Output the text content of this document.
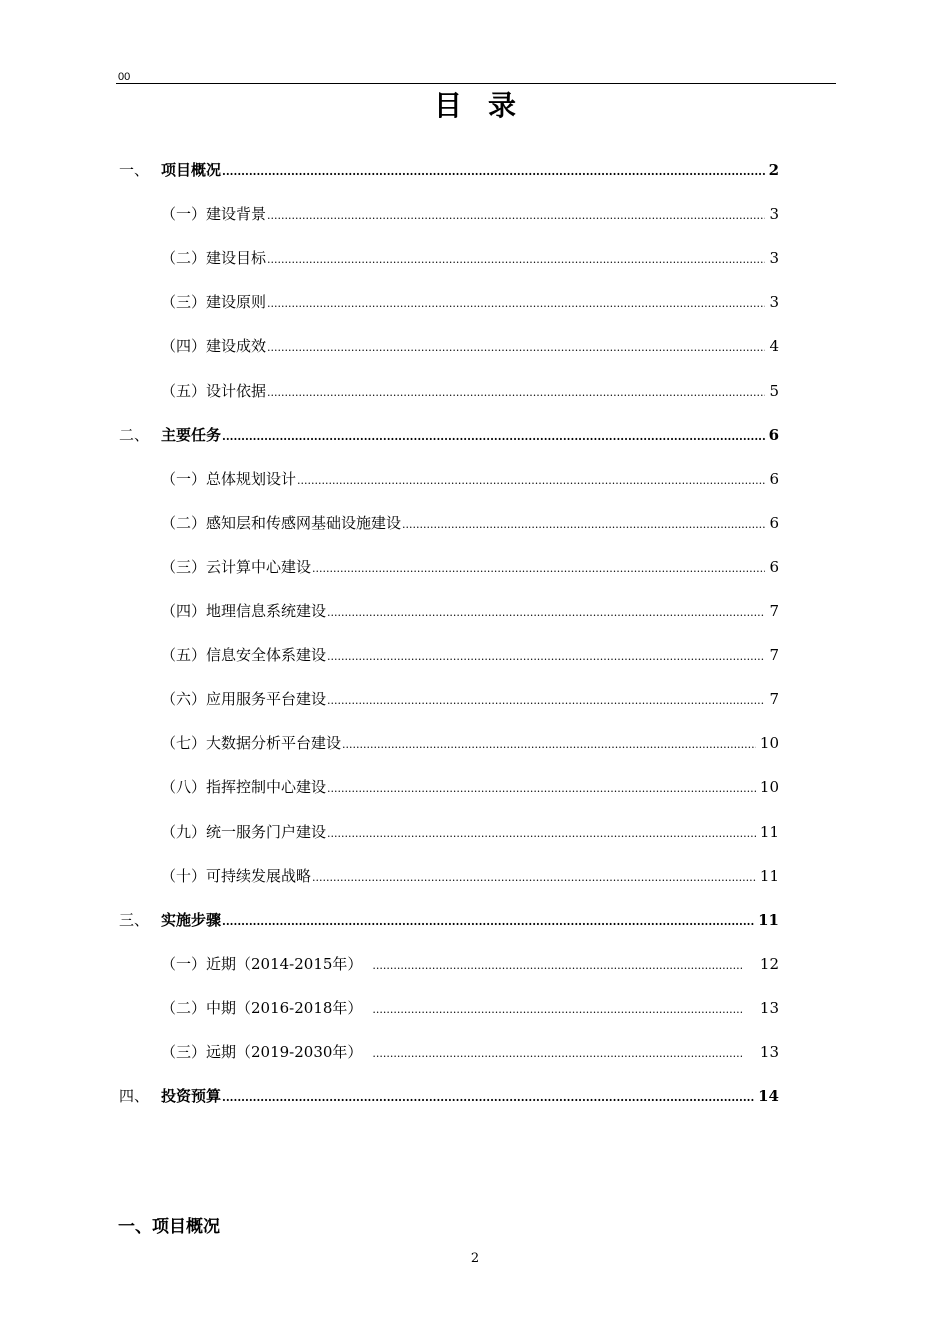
00
目录
一、 项目概况 .....	2
（一）建设背景 .....	3
（二）建设目标 .....	3
（三）建设原则 .....	3
（四）建设成效 .....	4
（五）设计依据 .....	5
二、 主要任务 .....	6
（一）总体规划设计 .....	6
（二）感知层和传感网基础设施建设 .....	6
（三）云计算中心建设 .....	6
（四）地理信息系统建设 .....	7
（五）信息安全体系建设 .....	7
（六）应用服务平台建设 .....	7
（七）大数据分析平台建设 .....	10
（八）指挥控制中心建设 .....	10
（九）统一服务门户建设 .....	11
（十）可持续发展战略 .....	11
三、 实施步骤 .....	11
（一）近期（2014-2015年） .....	12
（二）中期（2016-2018年） .....	13
（三）远期（2019-2030年） .....	13
四、 投资预算 .....	14
一、项目概况
2
